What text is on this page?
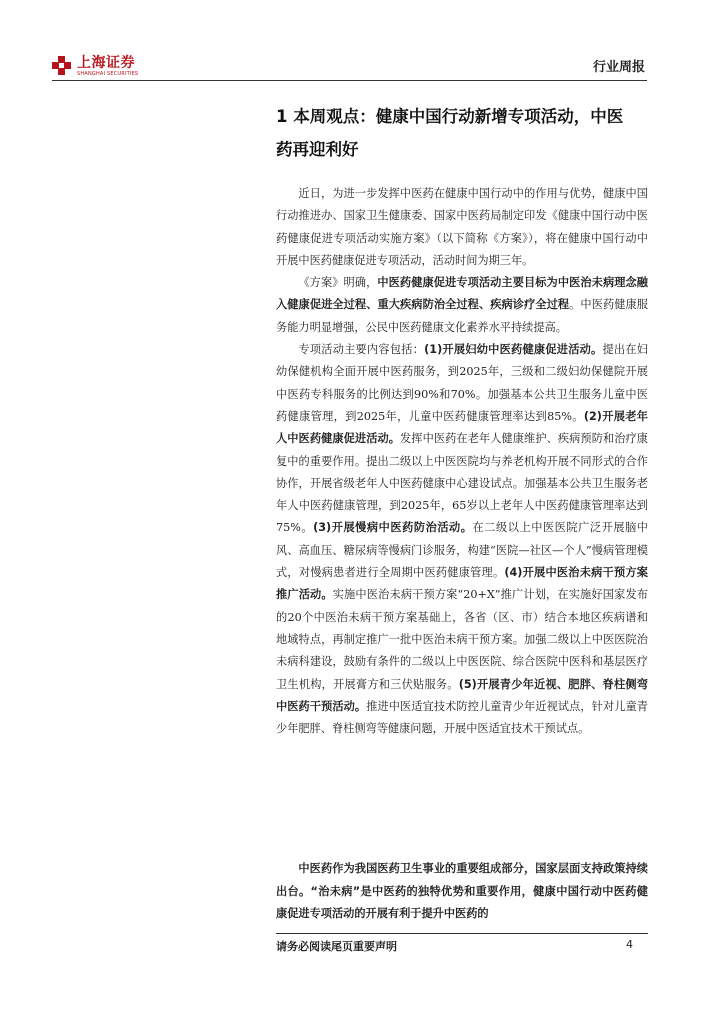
上海证券
SHANGHAI SECURITIES	行业周报
1 本周观点：健康中国行动新增专项活动，中医
药再迎利好

近日，为进一步发挥中医药在健康中国行动中的作用与优势，健康中国行动推进办、国家卫生健康委、国家中医药局制定印发《健康中国行动中医药健康促进专项活动实施方案》（以下简称《方案》），将在健康中国行动中开展中医药健康促进专项活动，活动时间为期三年。

《方案》明确，中医药健康促进专项活动主要目标为中医治未病理念融入健康促进全过程、重大疾病防治全过程、疾病诊疗全过程。中医药健康服务能力明显增强，公民中医药健康文化素养水平持续提高。

专项活动主要内容包括：(1)开展妇幼中医药健康促进活动。提出在妇幼保健机构全面开展中医药服务，到2025年，三级和二级妇幼保健院开展中医药专科服务的比例达到90%和70%。加强基本公共卫生服务儿童中医药健康管理，到2025年，儿童中医药健康管理率达到85%。(2)开展老年人中医药健康促进活动。发挥中医药在老年人健康维护、疾病预防和治疗康复中的重要作用。提出二级以上中医医院均与养老机构开展不同形式的合作协作，开展省级老年人中医药健康中心建设试点。加强基本公共卫生服务老年人中医药健康管理，到2025年，65岁以上老年人中医药健康管理率达到75%。(3)开展慢病中医药防治活动。在二级以上中医医院广泛开展脑中风、高血压、糖尿病等慢病门诊服务，构建“医院—社区—个人”慢病管理模式，对慢病患者进行全周期中医药健康管理。(4)开展中医治未病干预方案推广活动。实施中医治未病干预方案“20+X”推广计划，在实施好国家发布的20个中医治未病干预方案基础上，各省（区、市）结合本地区疾病谱和地域特点，再制定推广一批中医治未病干预方案。加强二级以上中医医院治未病科建设，鼓励有条件的二级以上中医医院、综合医院中医科和基层医疗卫生机构，开展膏方和三伏贴服务。(5)开展青少年近视、肥胖、脊柱侧弯中医药干预活动。推进中医适宜技术防控儿童青少年近视试点，针对儿童青少年肥胖、脊柱侧弯等健康问题，开展中医适宜技术干预试点。

中医药作为我国医药卫生事业的重要组成部分，国家层面支持政策持续出台。“治未病”是中医药的独特优势和重要作用，健康中国行动中医药健康促进专项活动的开展有利于提升中医药的

请务必阅读尾页重要声明	4
